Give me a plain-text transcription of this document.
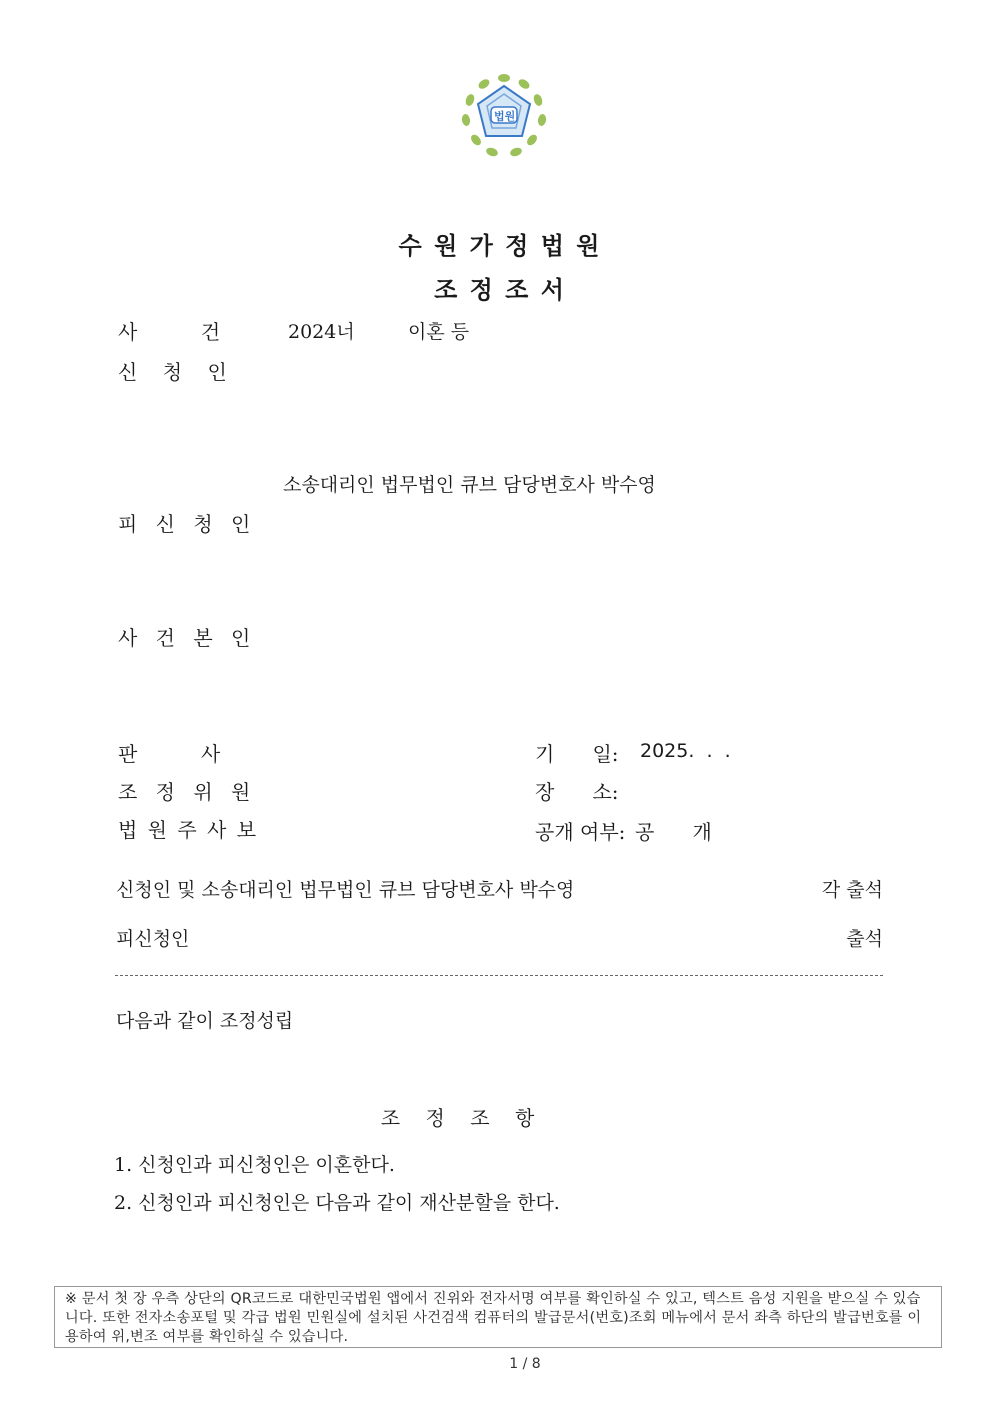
법원
수 원 가 정 법 원
조 정 조 서
사          건	2024너	이혼 등
신    청    인
소송대리인 법무법인 큐브 담당변호사 박수영
피 신 청 인
사 건 본 인
판          사
조 정 위 원
법 원 주 사 보
기      일: 2025.  .  .
장      소:
공개 여부: 공      개
신청인 및 소송대리인 법무법인 큐브 담당변호사 박수영	각 출석
피신청인	출석
다음과 같이 조정성립
조    정    조    항
1. 신청인과 피신청인은 이혼한다.
2. 신청인과 피신청인은 다음과 같이 재산분할을 한다.
※ 문서 첫 장 우측 상단의 QR코드로 대한민국법원 앱에서 진위와 전자서명 여부를 확인하실 수 있고, 텍스트 음성 지원을 받으실 수 있습니다. 또한 전자소송포털 및 각급 법원 민원실에 설치된 사건검색 컴퓨터의 발급문서(번호)조회 메뉴에서 문서 좌측 하단의 발급번호를 이용하여 위,변조 여부를 확인하실 수 있습니다.
1 / 8
